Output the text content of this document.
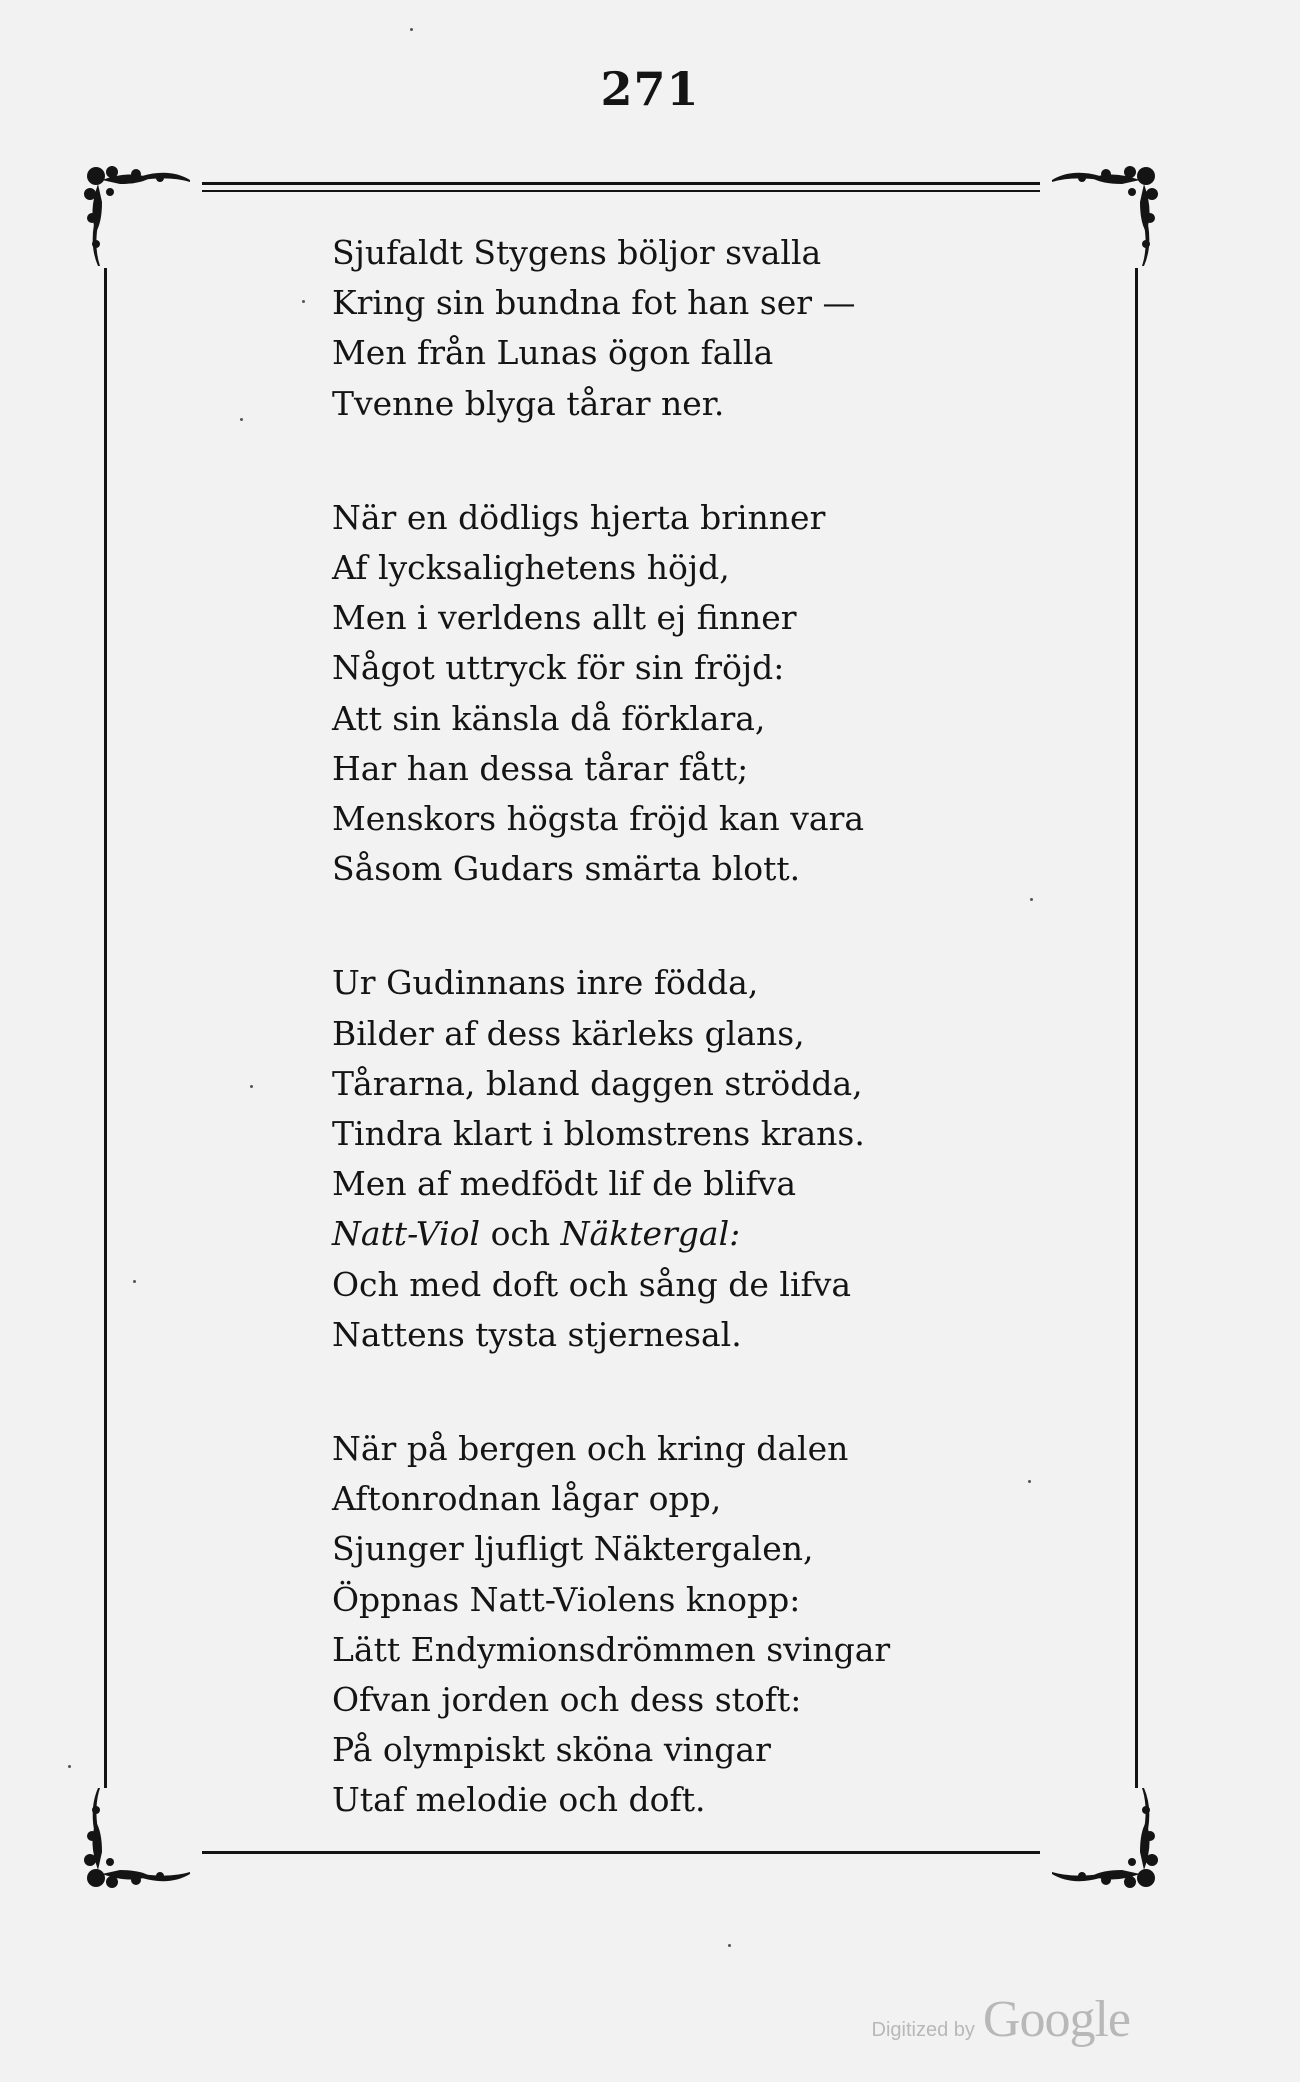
271
Sjufaldt Stygens böljor svalla
Kring sin bundna fot han ser —
Men från Lunas ögon falla
Tvenne blyga tårar ner.
När en dödligs hjerta brinner
Af lycksalighetens höjd,
Men i verldens allt ej finner
Något uttryck för sin fröjd:
Att sin känsla då förklara,
Har han dessa tårar fått;
Menskors högsta fröjd kan vara
Såsom Gudars smärta blott.
Ur Gudinnans inre födda,
Bilder af dess kärleks glans,
Tårarna, bland daggen strödda,
Tindra klart i blomstrens krans.
Men af medfödt lif de blifva
Natt-Viol och Näktergal:
Och med doft och sång de lifva
Nattens tysta stjernesal.
När på bergen och kring dalen
Aftonrodnan lågar opp,
Sjunger ljufligt Näktergalen,
Öppnas Natt-Violens knopp:
Lätt Endymionsdrömmen svingar
Ofvan jorden och dess stoft:
På olympiskt sköna vingar
Utaf melodie och doft.
Digitized by Google
